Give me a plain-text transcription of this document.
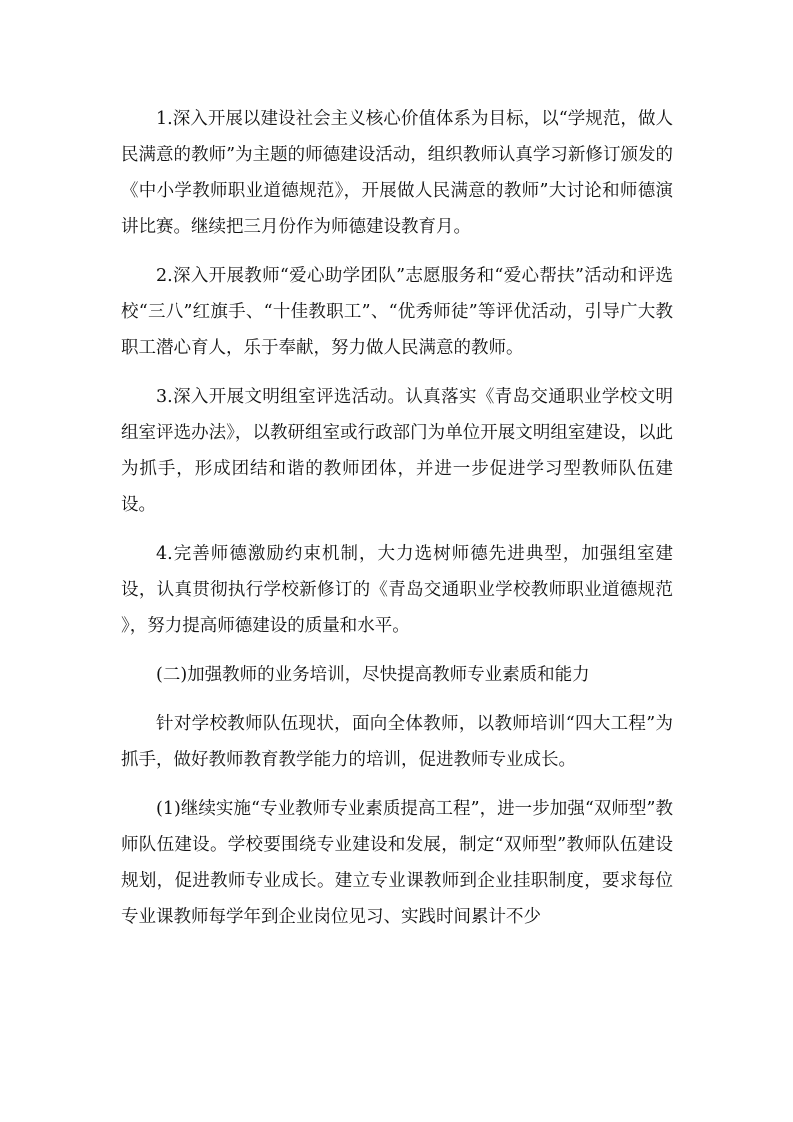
1.深入开展以建设社会主义核心价值体系为目标，以“学规范，做人民满意的教师”为主题的师德建设活动，组织教师认真学习新修订颁发的《中小学教师职业道德规范》，开展做人民满意的教师”大讨论和师德演讲比赛。继续把三月份作为师德建设教育月。

2.深入开展教师“爱心助学团队”志愿服务和“爱心帮扶”活动和评选校“三八”红旗手、“十佳教职工”、“优秀师徒”等评优活动，引导广大教职工潜心育人，乐于奉献，努力做人民满意的教师。

3.深入开展文明组室评选活动。认真落实《青岛交通职业学校文明组室评选办法》，以教研组室或行政部门为单位开展文明组室建设，以此为抓手，形成团结和谐的教师团体，并进一步促进学习型教师队伍建设。

4.完善师德激励约束机制，大力选树师德先进典型，加强组室建设，认真贯彻执行学校新修订的《青岛交通职业学校教师职业道德规范 》，努力提高师德建设的质量和水平。

(二)加强教师的业务培训，尽快提高教师专业素质和能力

针对学校教师队伍现状，面向全体教师，以教师培训“四大工程”为抓手，做好教师教育教学能力的培训，促进教师专业成长。

(1)继续实施“专业教师专业素质提高工程”，进一步加强“双师型”教师队伍建设。学校要围绕专业建设和发展，制定“双师型”教师队伍建设规划，促进教师专业成长。建立专业课教师到企业挂职制度，要求每位专业课教师每学年到企业岗位见习、实践时间累计不少
